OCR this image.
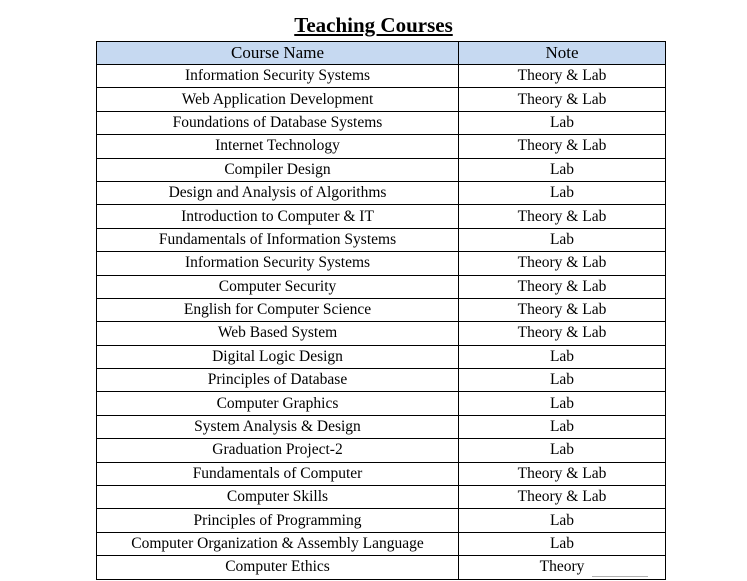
Teaching Courses
Course Name	Note
Information Security Systems	Theory & Lab
Web Application Development	Theory & Lab
Foundations of Database Systems	Lab
Internet Technology	Theory & Lab
Compiler Design	Lab
Design and Analysis of Algorithms	Lab
Introduction to Computer & IT	Theory & Lab
Fundamentals of Information Systems	Lab
Information Security Systems	Theory & Lab
Computer Security	Theory & Lab
English for Computer Science	Theory & Lab
Web Based System	Theory & Lab
Digital Logic Design	Lab
Principles of Database	Lab
Computer Graphics	Lab
System Analysis & Design	Lab
Graduation Project-2	Lab
Fundamentals of Computer	Theory & Lab
Computer Skills	Theory & Lab
Principles of Programming	Lab
Computer Organization & Assembly Language	Lab
Computer Ethics	Theory
